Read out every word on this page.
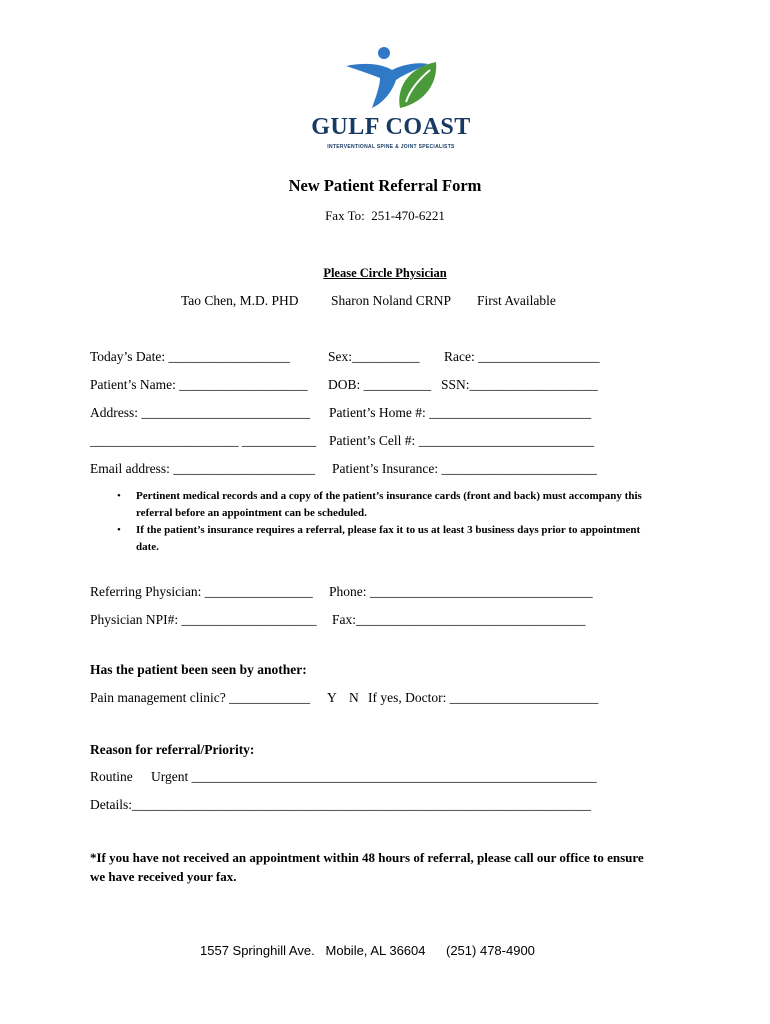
GULF COAST
INTERVENTIONAL SPINE & JOINT SPECIALISTS
New Patient Referral Form
Fax To:  251-470-6221
Please Circle Physician
Tao Chen, M.D. PHD Sharon Noland CRNP First Available
Today’s Date: __________________	Sex:__________ Race: __________________
Patient’s Name: ___________________ DOB: __________ SSN:___________________
Address: _________________________ Patient’s Home #: ________________________
______________________ ___________ Patient’s Cell #: __________________________
Email address: _____________________ Patient’s Insurance: _______________________
• Pertinent medical records and a copy of the patient’s insurance cards (front and back) must accompany this referral before an appointment can be scheduled.
• If the patient’s insurance requires a referral, please fax it to us at least 3 business days prior to appointment date.
Referring Physician: ________________ Phone: _________________________________
Physician NPI#: ____________________ Fax:__________________________________
Has the patient been seen by another:
Pain management clinic? ____________ Y N If yes, Doctor: ______________________
Reason for referral/Priority:
Routine Urgent ____________________________________________________________
Details:____________________________________________________________________
*If you have not received an appointment within 48 hours of referral, please call our office to ensure we have received your fax.
1557 Springhill Ave.   Mobile, AL 36604 (251) 478-4900
